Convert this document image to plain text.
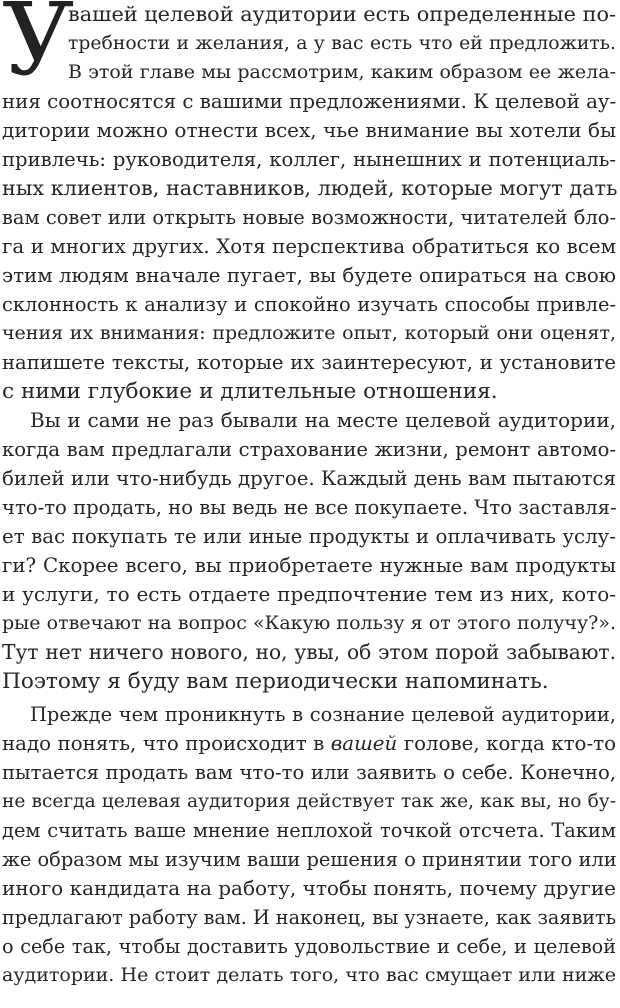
У
вашей целевой аудитории есть определенные по-
требности и желания, а у вас есть что ей предложить.
В этой главе мы рассмотрим, каким образом ее жела-
ния соотносятся с вашими предложениями. К целевой ау-
дитории можно отнести всех, чье внимание вы хотели бы
привлечь: руководителя, коллег, нынешних и потенциаль-
ных клиентов, наставников, людей, которые могут дать
вам совет или открыть новые возможности, читателей бло-
га и многих других. Хотя перспектива обратиться ко всем
этим людям вначале пугает, вы будете опираться на свою
склонность к анализу и спокойно изучать способы привле-
чения их внимания: предложите опыт, который они оценят,
напишете тексты, которые их заинтересуют, и установите
с ними глубокие и длительные отношения.
Вы и сами не раз бывали на месте целевой аудитории,
когда вам предлагали страхование жизни, ремонт автомо-
билей или что-нибудь другое. Каждый день вам пытаются
что-то продать, но вы ведь не все покупаете. Что заставля-
ет вас покупать те или иные продукты и оплачивать услу-
ги? Скорее всего, вы приобретаете нужные вам продукты
и услуги, то есть отдаете предпочтение тем из них, кото-
рые отвечают на вопрос «Какую пользу я от этого получу?».
Тут нет ничего нового, но, увы, об этом порой забывают.
Поэтому я буду вам периодически напоминать.
Прежде чем проникнуть в сознание целевой аудитории,
надо понять, что происходит в вашей голове, когда кто-то
пытается продать вам что-то или заявить о себе. Конечно,
не всегда целевая аудитория действует так же, как вы, но бу-
дем считать ваше мнение неплохой точкой отсчета. Таким
же образом мы изучим ваши решения о принятии того или
иного кандидата на работу, чтобы понять, почему другие
предлагают работу вам. И наконец, вы узнаете, как заявить
о себе так, чтобы доставить удовольствие и себе, и целевой
аудитории. Не стоит делать того, что вас смущает или ниже
